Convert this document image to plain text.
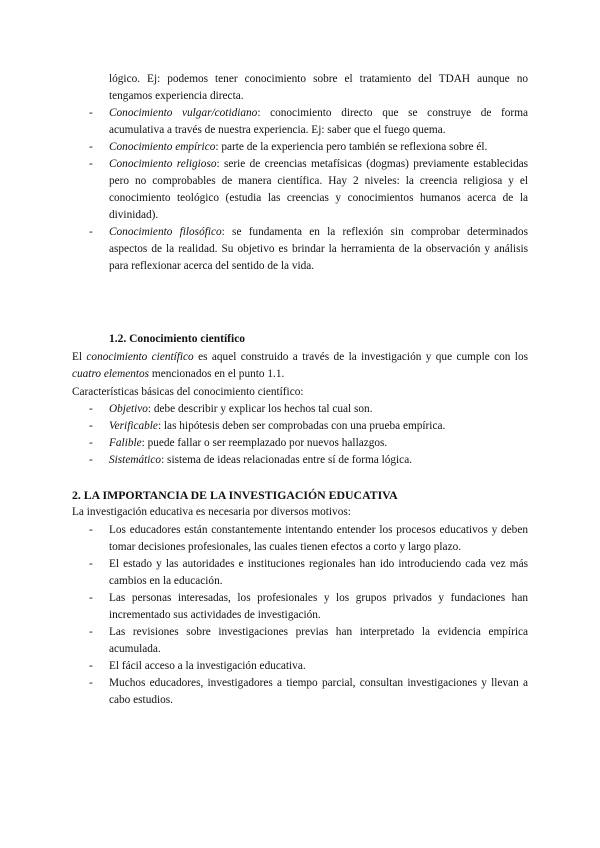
lógico. Ej: podemos tener conocimiento sobre el tratamiento del TDAH aunque no tengamos experiencia directa.

- Conocimiento vulgar/cotidiano: conocimiento directo que se construye de forma acumulativa a través de nuestra experiencia. Ej: saber que el fuego quema.
- Conocimiento empírico: parte de la experiencia pero también se reflexiona sobre él.
- Conocimiento religioso: serie de creencias metafísicas (dogmas) previamente establecidas pero no comprobables de manera científica. Hay 2 niveles: la creencia religiosa y el conocimiento teológico (estudia las creencias y conocimientos humanos acerca de la divinidad).
- Conocimiento filosófico: se fundamenta en la reflexión sin comprobar determinados aspectos de la realidad. Su objetivo es brindar la herramienta de la observación y análisis para reflexionar acerca del sentido de la vida.
1.2. Conocimiento científico

El conocimiento científico es aquel construido a través de la investigación y que cumple con los cuatro elementos mencionados en el punto 1.1.

Características básicas del conocimiento científico:

- Objetivo: debe describir y explicar los hechos tal cual son.
- Verificable: las hipótesis deben ser comprobadas con una prueba empírica.
- Falible: puede fallar o ser reemplazado por nuevos hallazgos.
- Sistemático: sistema de ideas relacionadas entre sí de forma lógica.
2. LA IMPORTANCIA DE LA INVESTIGACIÓN EDUCATIVA

La investigación educativa es necesaria por diversos motivos:

- Los educadores están constantemente intentando entender los procesos educativos y deben tomar decisiones profesionales, las cuales tienen efectos a corto y largo plazo.
- El estado y las autoridades e instituciones regionales han ido introduciendo cada vez más cambios en la educación.
- Las personas interesadas, los profesionales y los grupos privados y fundaciones han incrementado sus actividades de investigación.
- Las revisiones sobre investigaciones previas han interpretado la evidencia empírica acumulada.
- El fácil acceso a la investigación educativa.
- Muchos educadores, investigadores a tiempo parcial, consultan investigaciones y llevan a cabo estudios.
